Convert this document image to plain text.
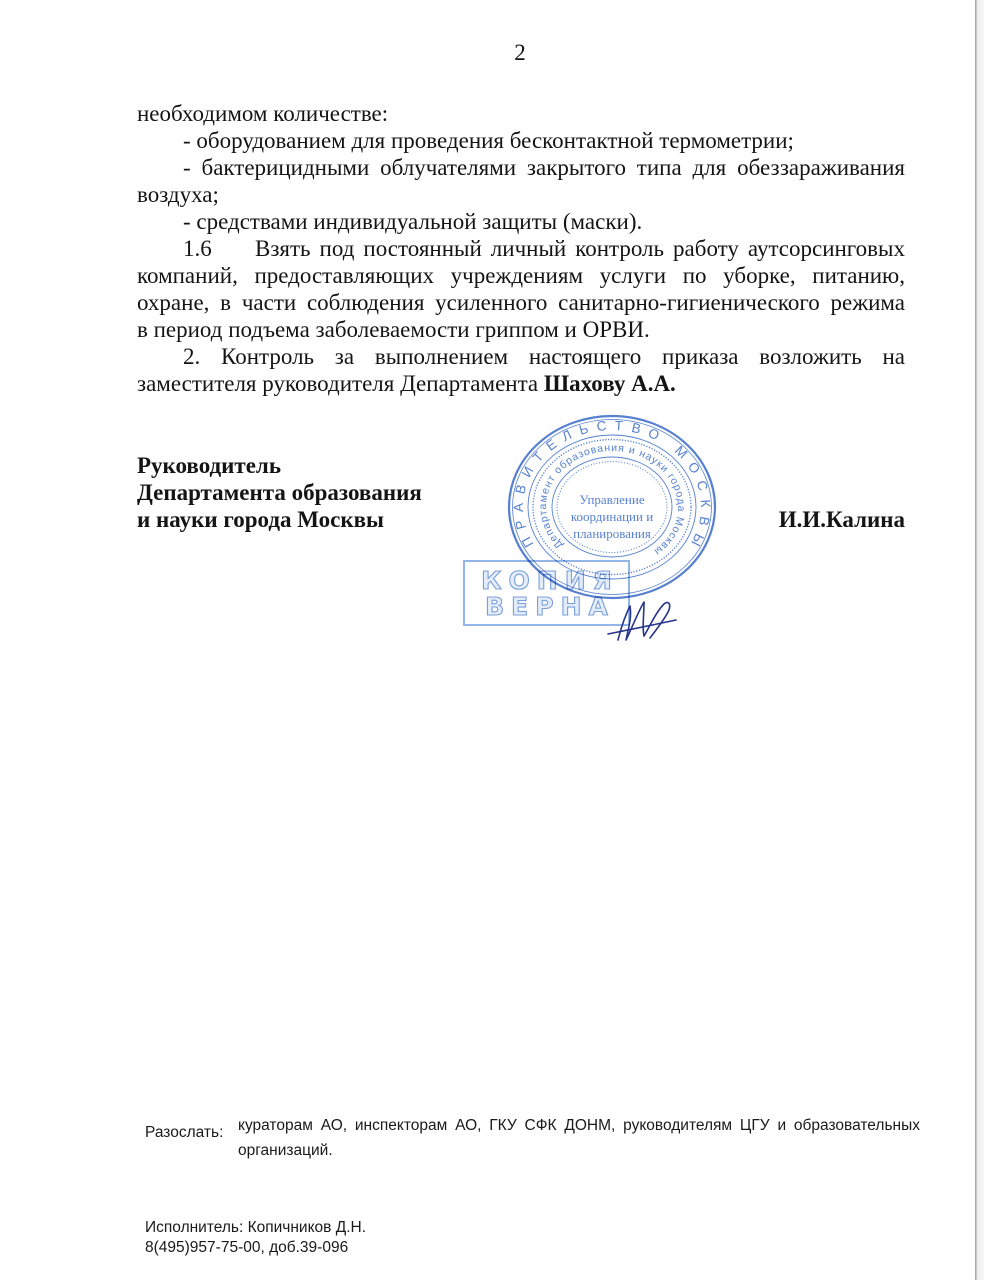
2
необходимом количестве:
- оборудованием для проведения бесконтактной термометрии;
- бактерицидными облучателями закрытого типа для обеззараживания
воздуха;
- средствами индивидуальной защиты (маски).
1.6	Взять под постоянный личный контроль работу аутсорсинговых
компаний, предоставляющих учреждениям услуги по уборке, питанию,
охране, в части соблюдения усиленного санитарно-гигиенического режима
в период подъема заболеваемости гриппом и ОРВИ.
2. Контроль за выполнением настоящего приказа возложить на
заместителя руководителя Департамента Шахову А.А.
Руководитель
Департамента образования
и науки города Москвы	И.И.Калина
КОПИЯ
ВЕРНА
ПРАВИТЕЛЬСТВО МОСКВЫ
Департамент образования и науки города Москвы
Управление
координации и
планирования
Разослать: кураторам АО, инспекторам АО, ГКУ СФК ДОНМ, руководителям ЦГУ и образовательных
организаций.
Исполнитель: Копичников Д.Н.
8(495)957-75-00, доб.39-096
